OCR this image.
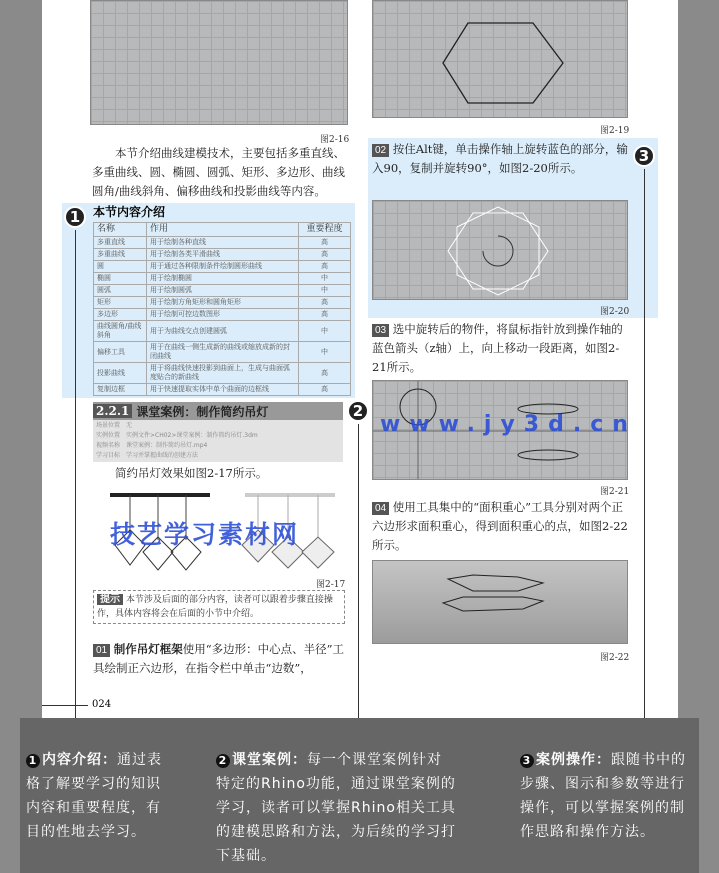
图2-16
本节介绍曲线建模技术，主要包括多重直线、多重曲线、圆、椭圆、圆弧、矩形、多边形、曲线圆角/曲线斜角、偏移曲线和投影曲线等内容。
本节内容介绍
名称	作用	重要程度
多重直线	用于绘制各种直线	高
多重曲线	用于绘制各类平滑曲线	高
圆	用于通过各种限制条件绘制圆形曲线	高
椭圆	用于绘制椭圆	中
圆弧	用于绘制圆弧	中
矩形	用于绘制方角矩形和圆角矩形	高
多边形	用于绘制可控边数图形	高
曲线圆角/曲线斜角	用于为曲线交点创建圆弧	中
偏移工具	用于在曲线一侧生成新的曲线或缩放成新的封闭曲线	中
投影曲线	用于将曲线快速投影到曲面上，生成与曲面弧度贴合的新曲线	高
复制边框	用于快速提取实体中单个曲面的边框线	高
2.2.1 课堂案例：制作简约吊灯
场景位置　无
实例位置　实例文件>CH02>课堂案例：制作简约吊灯.3dm
视频名称　课堂案例：制作简约吊灯.mp4
学习目标　学习并掌握曲线的创建方法
简约吊灯效果如图2-17所示。
技艺学习素材网
图2-17
提示 本节涉及后面的部分内容，读者可以跟着步骤直接操作，具体内容将会在后面的小节中介绍。
01 制作吊灯框架使用“多边形：中心点、半径”工具绘制正六边形，在指令栏中单击“边数”，
024
图2-19
02 按住Alt键，单击操作轴上旋转蓝色的部分，输入90，复制并旋转90°，如图2-20所示。
图2-20
03 选中旋转后的物件，将鼠标指针放到操作轴的蓝色箭头（z轴）上，向上移动一段距离，如图2-21所示。
www.jy3d.cn
图2-21
04 使用工具集中的“面积重心”工具分别对两个正六边形求面积重心，得到面积重心的点，如图2-22所示。
图2-22
1
2
3
1 内容介绍：通过表格了解要学习的知识内容和重要程度，有目的性地去学习。
2 课堂案例：每一个课堂案例针对特定的Rhino功能，通过课堂案例的学习，读者可以掌握Rhino相关工具的建模思路和方法，为后续的学习打下基础。
3 案例操作：跟随书中的步骤、图示和参数等进行操作，可以掌握案例的制作思路和操作方法。
